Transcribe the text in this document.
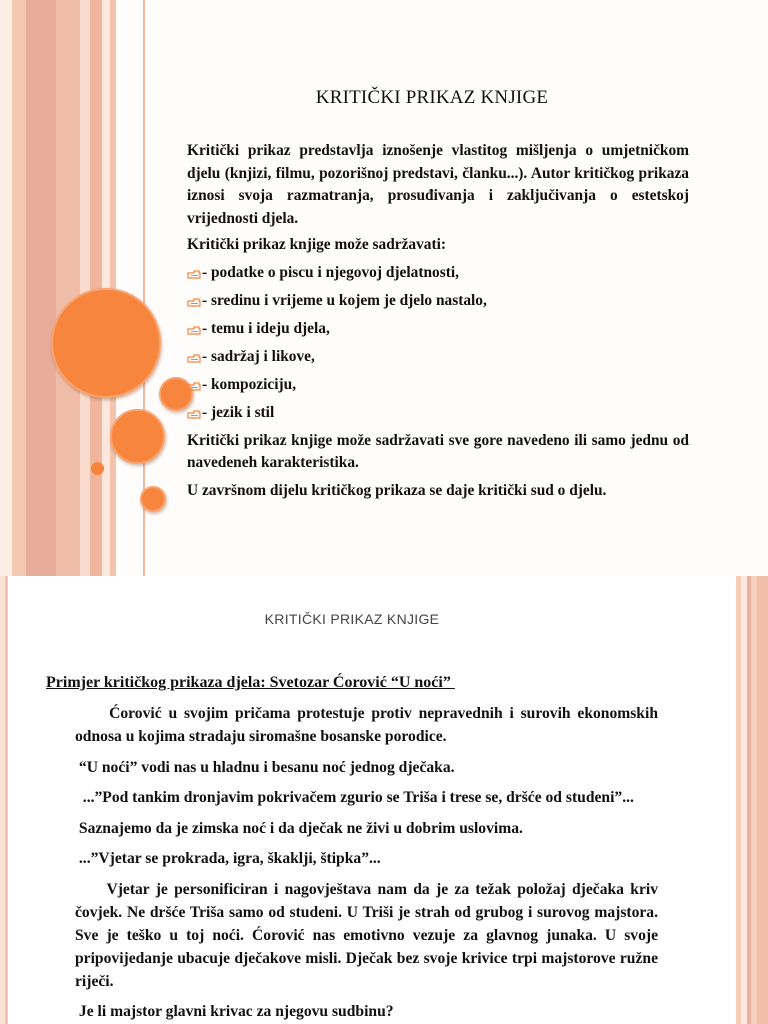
KRITIČKI PRIKAZ KNJIGE

Kritički prikaz predstavlja iznošenje vlastitog mišljenja o umjetničkom djelu (knjizi, filmu, pozorišnoj predstavi, članku...). Autor kritičkog prikaza iznosi svoja razmatranja, prosuđivanja i zaključivanja o estetskoj vrijednosti djela.

Kritički prikaz knjige može sadržavati:

- podatke o piscu i njegovoj djelatnosti,
- sredinu i vrijeme u kojem je djelo nastalo,
- temu i ideju djela,
- sadržaj i likove,
- kompoziciju,
- jezik i stil

Kritički prikaz knjige može sadržavati sve gore navedeno ili samo jednu od navedeneh karakteristika.

U završnom dijelu kritičkog prikaza se daje kritički sud o djelu.

KRITIČKI PRIKAZ KNJIGE
Primjer kritičkog prikaza djela: Svetozar Ćorović “U noći”

Ćorović u svojim pričama protestuje protiv nepravednih i surovih ekonomskih odnosa u kojima stradaju siromašne bosanske porodice.

“U noći” vodi nas u hladnu i besanu noć jednog dječaka.

...”Pod tankim dronjavim pokrivačem zgurio se Triša i trese se, dršće od studeni”...

Saznajemo da je zimska noć i da dječak ne živi u dobrim uslovima.

...”Vjetar se prokrada, igra, škaklji, štipka”...

Vjetar je personificiran i nagovještava nam da je za težak položaj dječaka kriv čovjek. Ne dršće Triša samo od studeni. U Triši je strah od grubog i surovog majstora. Sve je teško u toj noći. Ćorović nas emotivno vezuje za glavnog junaka. U svoje pripovijedanje ubacuje dječakove misli. Dječak bez svoje krivice trpi majstorove ružne riječi.

Je li majstor glavni krivac za njegovu sudbinu?
